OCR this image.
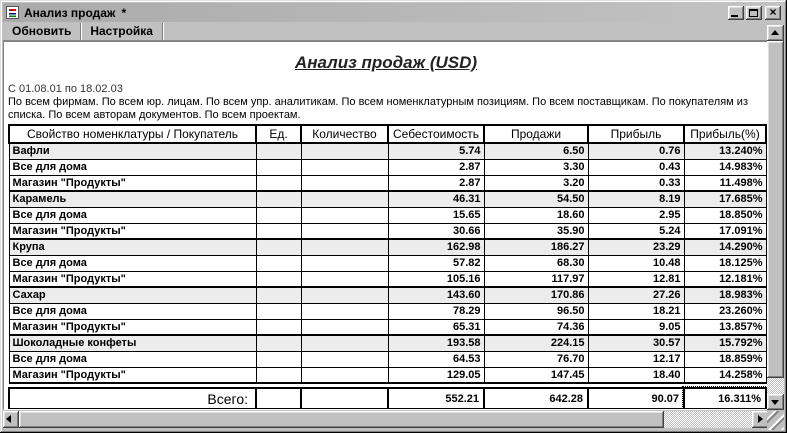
Анализ продаж *	×
Обновить	Настройка
Анализ продаж (USD)
С 01.08.01 по 18.02.03
По всем фирмам. По всем юр. лицам. По всем упр. аналитикам. По всем номенклатурным позициям. По всем поставщикам. По покупателям из списка. По всем авторам документов. По всем проектам.
Свойство номенклатуры / Покупатель	Ед.	Количество	Себестоимость	Продажи	Прибыль	Прибыль(%)
Вафли			5.74	6.50	0.76	13.240%
Все для дома			2.87	3.30	0.43	14.983%
Магазин "Продукты"			2.87	3.20	0.33	11.498%
Карамель			46.31	54.50	8.19	17.685%
Все для дома			15.65	18.60	2.95	18.850%
Магазин "Продукты"			30.66	35.90	5.24	17.091%
Крупа			162.98	186.27	23.29	14.290%
Все для дома			57.82	68.30	10.48	18.125%
Магазин "Продукты"			105.16	117.97	12.81	12.181%
Сахар			143.60	170.86	27.26	18.983%
Все для дома			78.29	96.50	18.21	23.260%
Магазин "Продукты"			65.31	74.36	9.05	13.857%
Шоколадные конфеты			193.58	224.15	30.57	15.792%
Все для дома			64.53	76.70	12.17	18.859%
Магазин "Продукты"			129.05	147.45	18.40	14.258%
Всего:			552.21	642.28	90.07	16.311%
